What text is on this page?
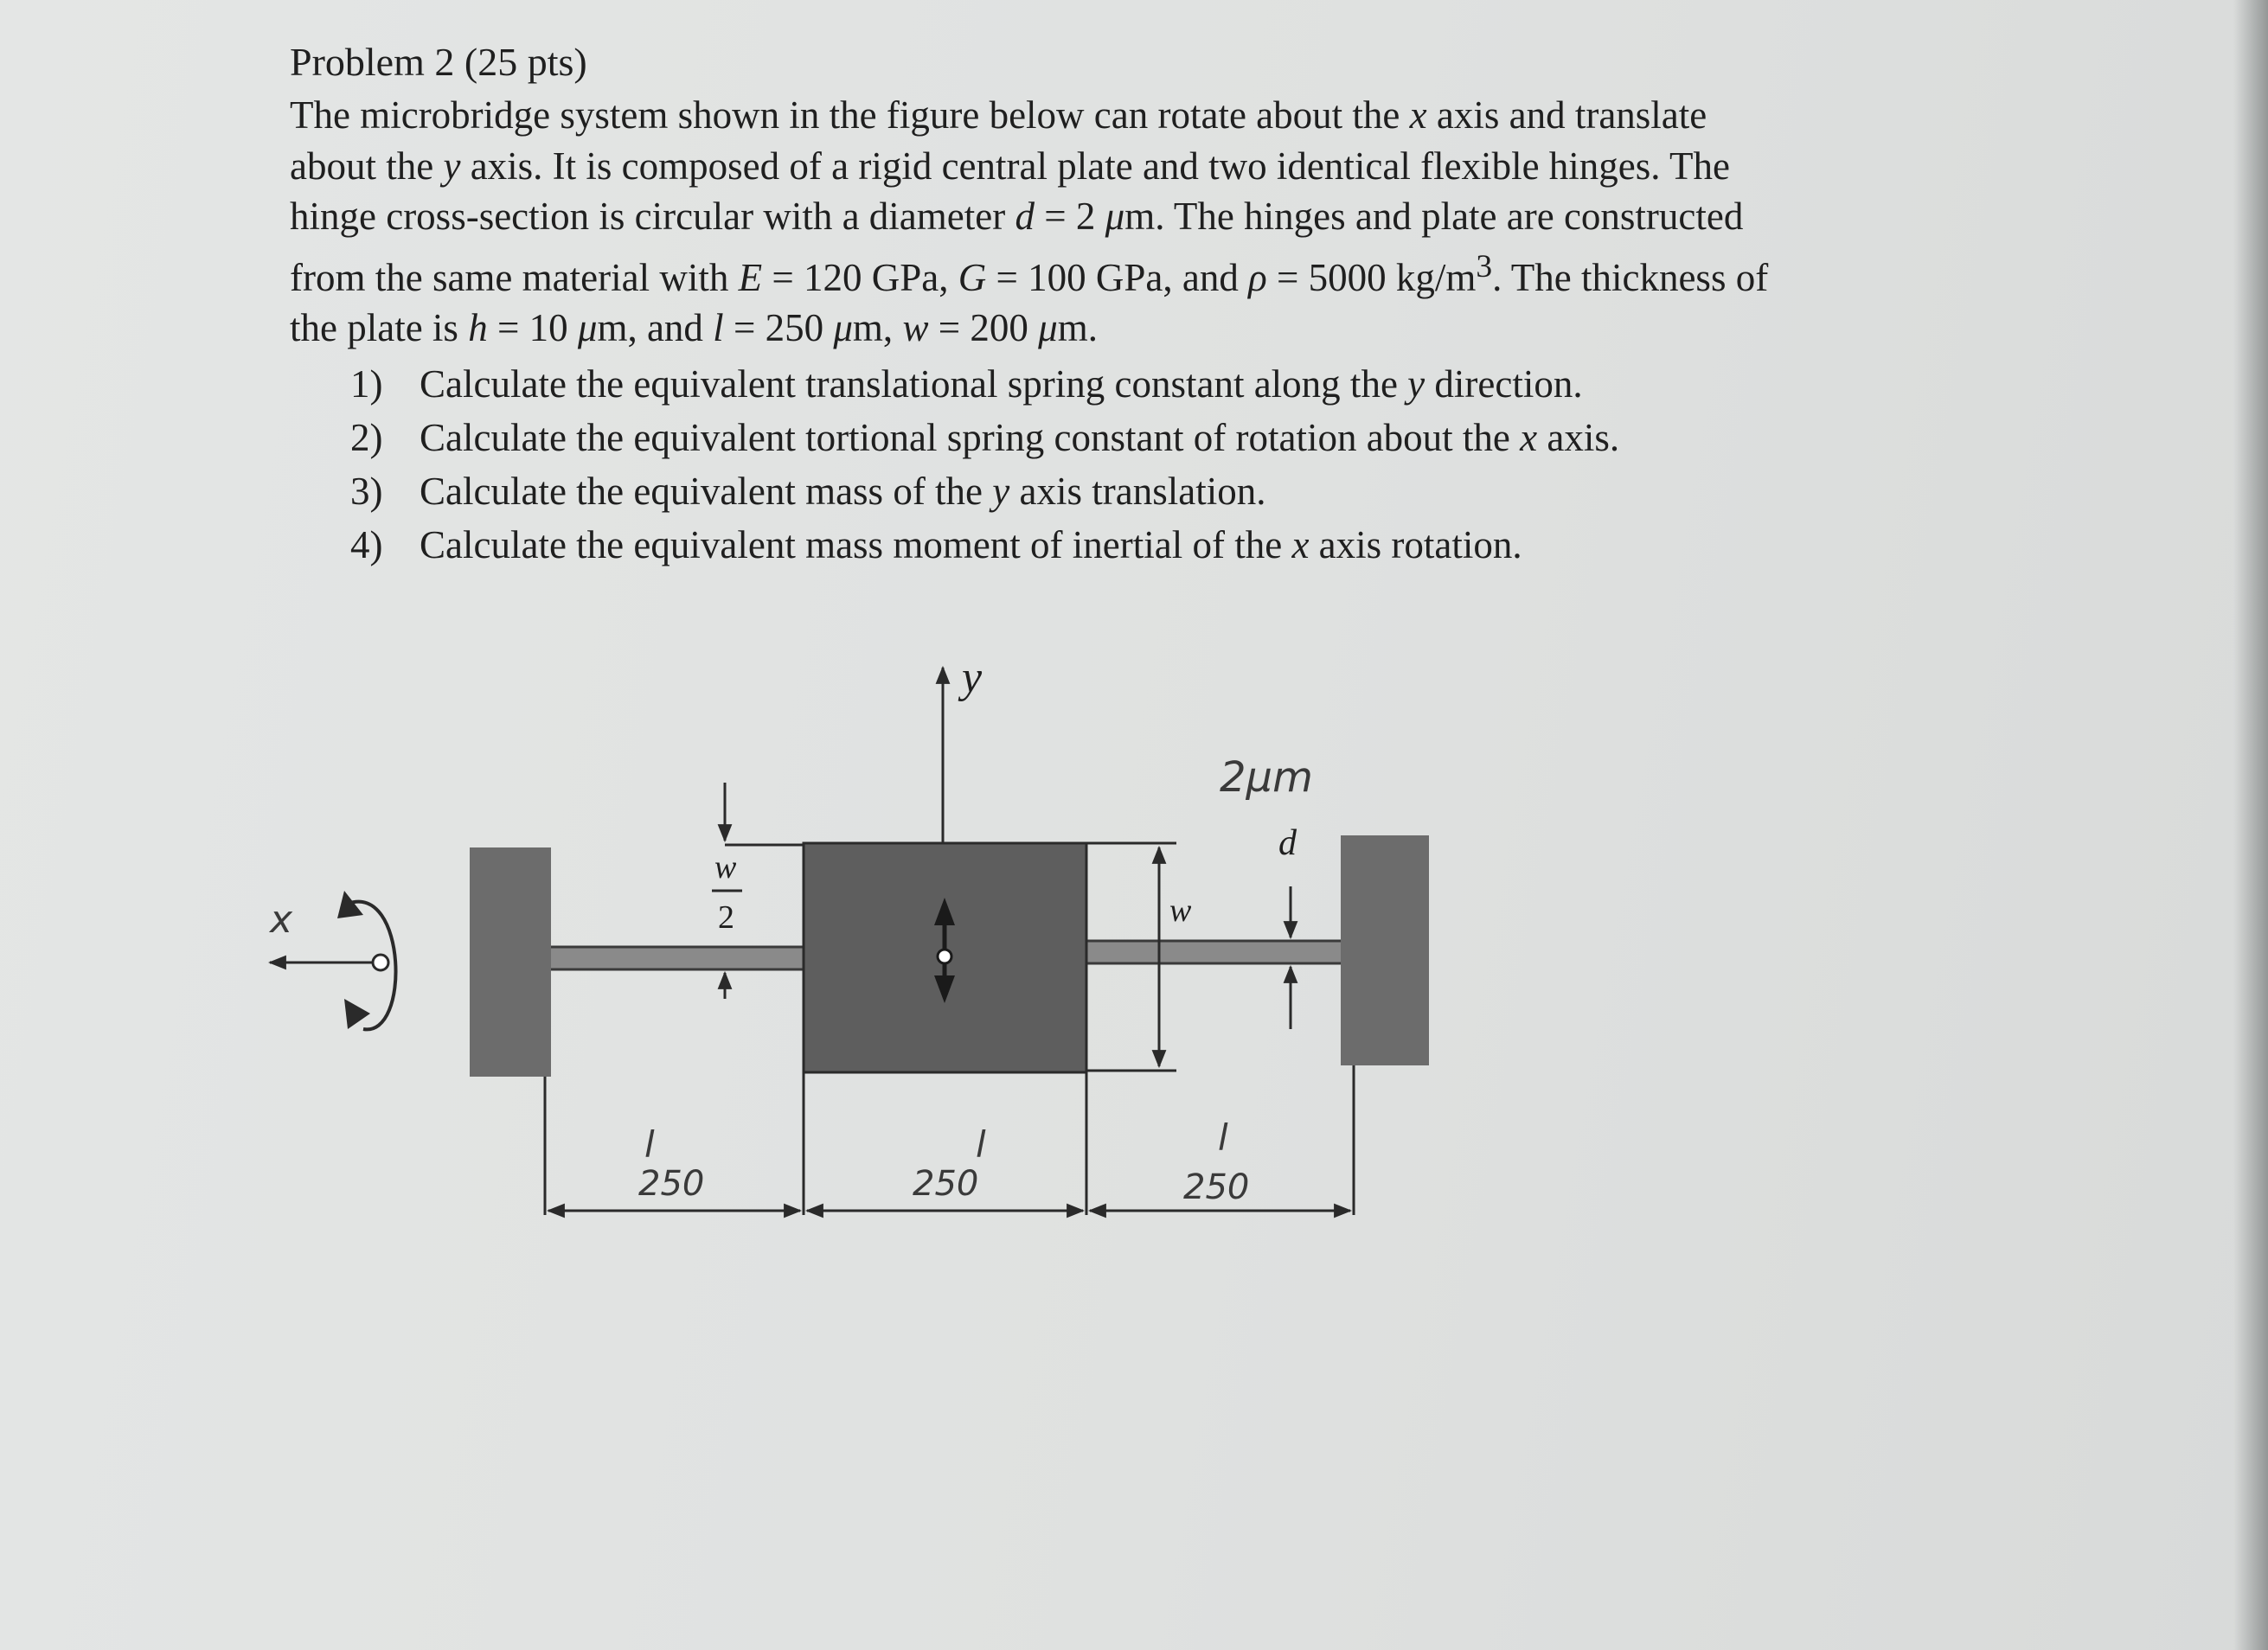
Problem 2 (25 pts)

The microbridge system shown in the figure below can rotate about the x axis and translate about the y axis. It is composed of a rigid central plate and two identical flexible hinges. The hinge cross-section is circular with a diameter d = 2 μm. The hinges and plate are constructed from the same material with E = 120 GPa, G = 100 GPa, and ρ = 5000 $kg/m^3$. The thickness of the plate is h = 10 μm, and l = 250 μm, w = 200 μm.

1) Calculate the equivalent translational spring constant along the y direction.
2) Calculate the equivalent tortional spring constant of rotation about the x axis.
3) Calculate the equivalent mass of the y axis translation.
4) Calculate the equivalent mass moment of inertial of the x axis rotation.
y
x
w
2	w
2μm
d
l
250
l
250
l
250
